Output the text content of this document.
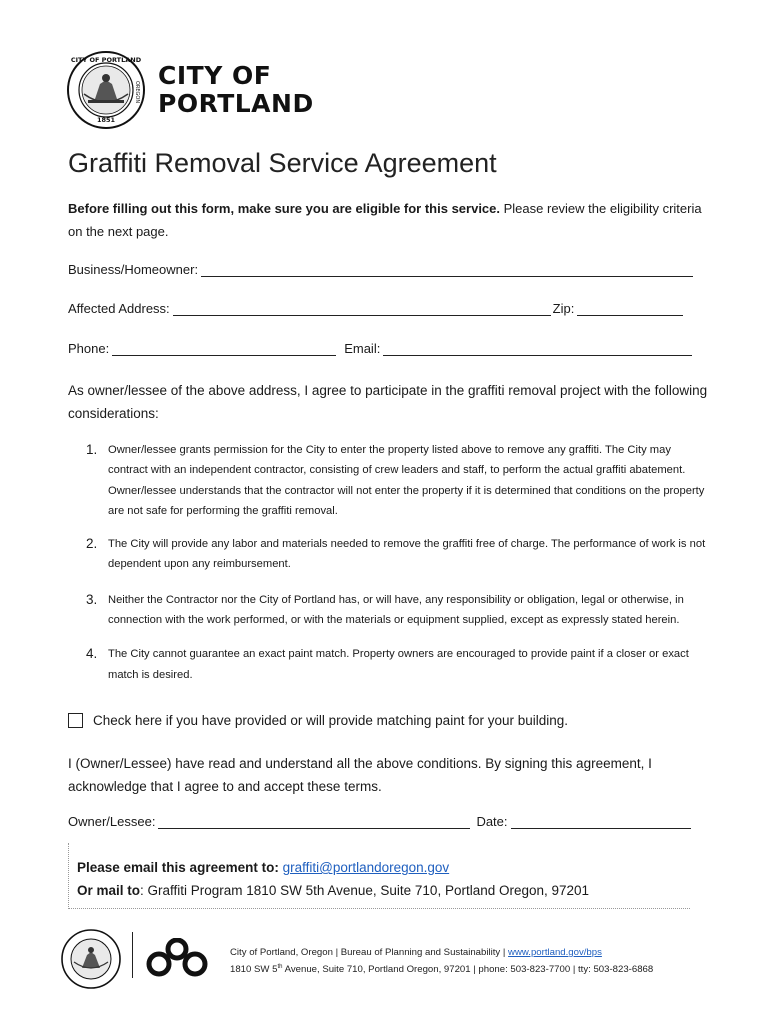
CITY OF PORTLAND
1851
OREGON
CITY OF
PORTLAND
Graffiti Removal Service Agreement
Before filling out this form, make sure you are eligible for this service. Please review the eligibility criteria on the next page.
Business/Homeowner:
Affected Address:	Zip:
Phone:	Email:
As owner/lessee of the above address, I agree to participate in the graffiti removal project with the following considerations:
1. Owner/lessee grants permission for the City to enter the property listed above to remove any graffiti. The City may contract with an independent contractor, consisting of crew leaders and staff, to perform the actual graffiti abatement. Owner/lessee understands that the contractor will not enter the property if it is determined that conditions on the property are not safe for performing the graffiti removal.
2. The City will provide any labor and materials needed to remove the graffiti free of charge. The performance of work is not dependent upon any reimbursement.
3. Neither the Contractor nor the City of Portland has, or will have, any responsibility or obligation, legal or otherwise, in connection with the work performed, or with the materials or equipment supplied, except as expressly stated herein.
4. The City cannot guarantee an exact paint match. Property owners are encouraged to provide paint if a closer or exact match is desired.
Check here if you have provided or will provide matching paint for your building.
I (Owner/Lessee) have read and understand all the above conditions. By signing this agreement, I acknowledge that I agree to and accept these terms.
Owner/Lessee:	Date:
Please email this agreement to: graffiti@portlandoregon.gov
Or mail to: Graffiti Program 1810 SW 5th Avenue, Suite 710, Portland Oregon, 97201
City of Portland, Oregon | Bureau of Planning and Sustainability | www.portland.gov/bps
1810 SW 5th Avenue, Suite 710, Portland Oregon, 97201 | phone: 503-823-7700 | tty: 503-823-6868
